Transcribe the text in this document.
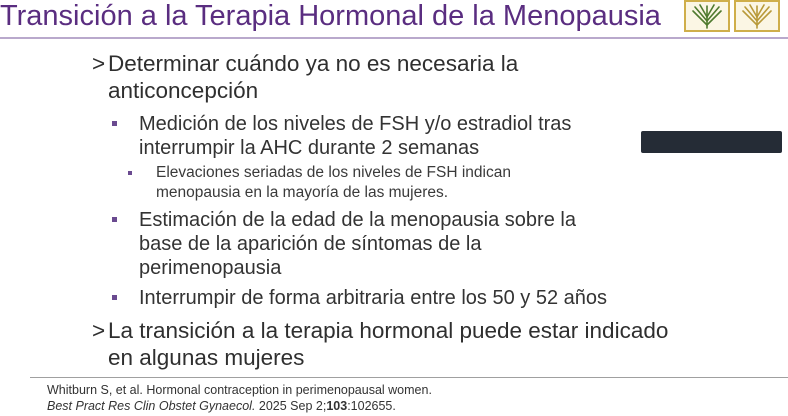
Transición a la Terapia Hormonal de la Menopausia
> Determinar cuándo ya no es necesaria la anticoncepción
Medición de los niveles de FSH y/o estradiol tras interrumpir la AHC durante 2 semanas
Elevaciones seriadas de los niveles de FSH indican menopausia en la mayoría de las mujeres.
Estimación de la edad de la menopausia sobre la base de la aparición de síntomas de la perimenopausia
Interrumpir de forma arbitraria entre los 50 y 52 años
> La transición a la terapia hormonal puede estar indicado en algunas mujeres
Whitburn S, et al. Hormonal contraception in perimenopausal women.
Best Pract Res Clin Obstet Gynaecol. 2025 Sep 2;103:102655.
